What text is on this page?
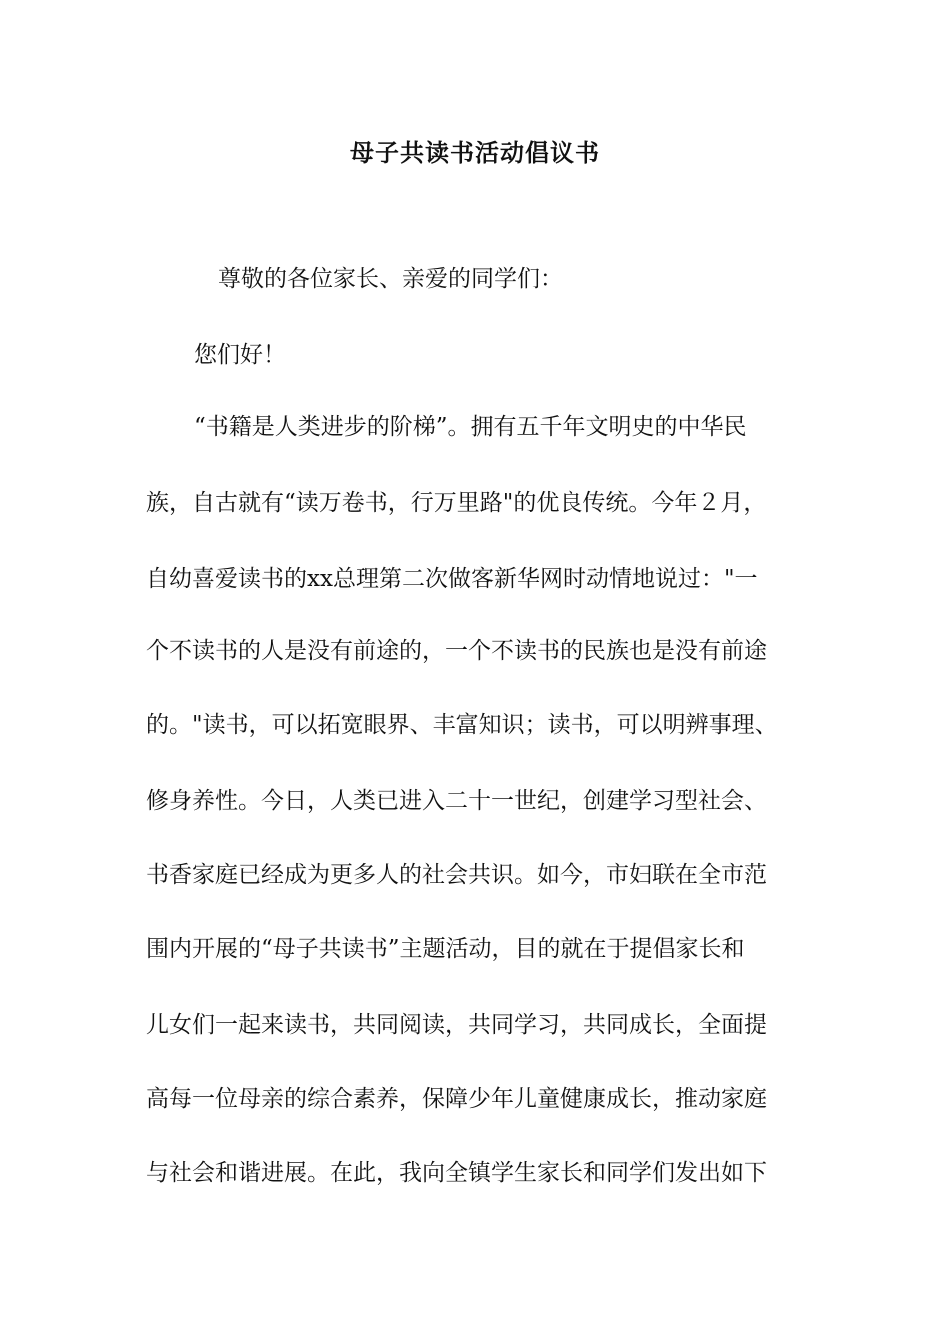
母子共读书活动倡议书
尊敬的各位家长、亲爱的同学们：
您们好！
“书籍是人类进步的阶梯”。拥有五千年文明史的中华民
族，自古就有“读万卷书，行万里路"的优良传统。今年２月，
自幼喜爱读书的xx总理第二次做客新华网时动情地说过："一
个不读书的人是没有前途的，一个不读书的民族也是没有前途
的。"读书，可以拓宽眼界、丰富知识；读书，可以明辨事理、
修身养性。今日，人类已进入二十一世纪，创建学习型社会、
书香家庭已经成为更多人的社会共识。如今，市妇联在全市范
围内开展的“母子共读书”主题活动，目的就在于提倡家长和
儿女们一起来读书，共同阅读，共同学习，共同成长，全面提
高每一位母亲的综合素养，保障少年儿童健康成长，推动家庭
与社会和谐进展。在此，我向全镇学生家长和同学们发出如下
